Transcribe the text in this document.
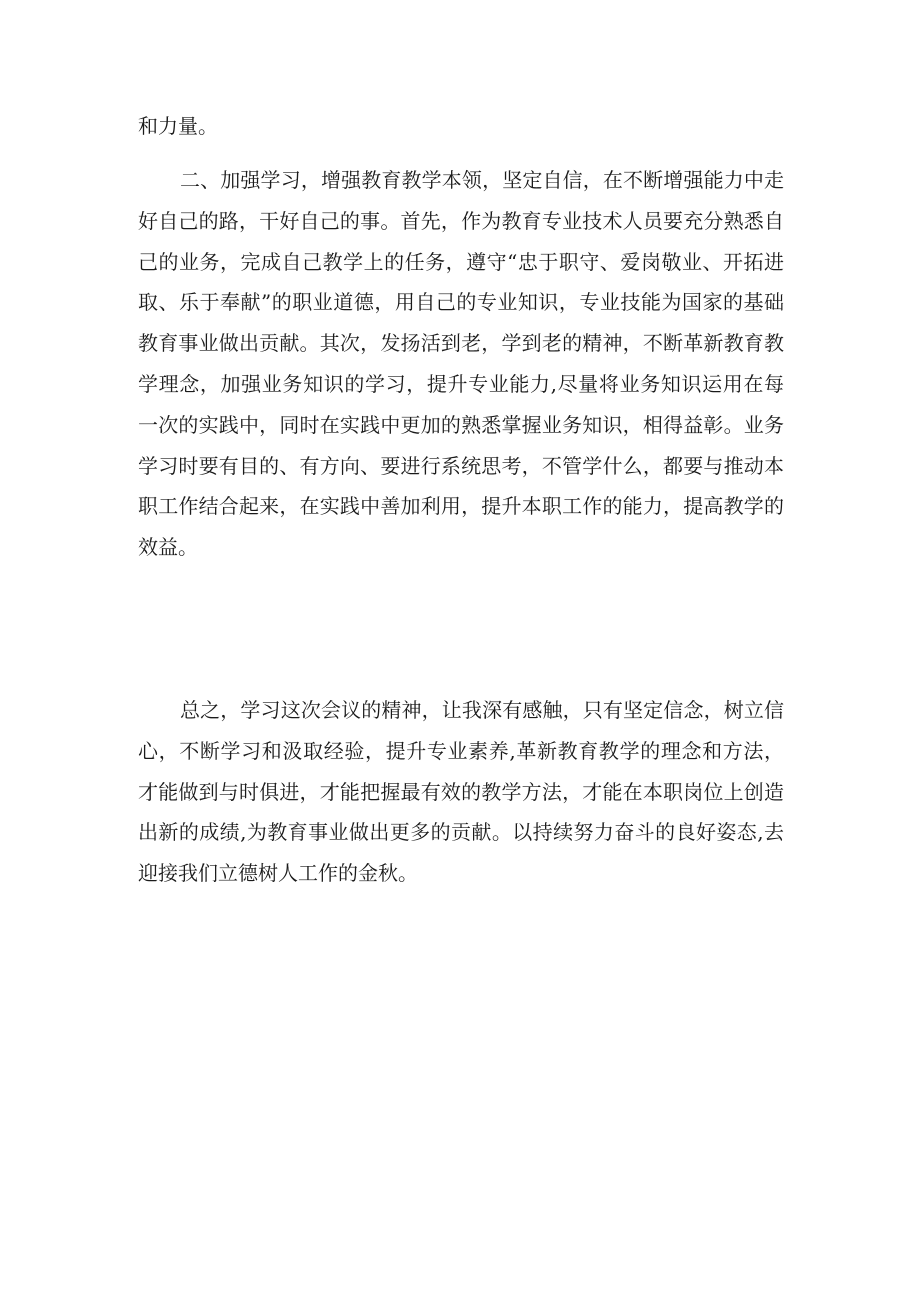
和力量。

二、加强学习，增强教育教学本领，坚定自信，在不断增强能力中走好自己的路，干好自己的事。首先，作为教育专业技术人员要充分熟悉自己的业务，完成自己教学上的任务，遵守“忠于职守、爱岗敬业、开拓进取、乐于奉献”的职业道德，用自己的专业知识，专业技能为国家的基础教育事业做出贡献。其次，发扬活到老，学到老的精神，不断革新教育教学理念，加强业务知识的学习，提升专业能力,尽量将业务知识运用在每一次的实践中，同时在实践中更加的熟悉掌握业务知识，相得益彰。业务学习时要有目的、有方向、要进行系统思考，不管学什么，都要与推动本职工作结合起来，在实践中善加利用，提升本职工作的能力，提高教学的效益。

总之，学习这次会议的精神，让我深有感触，只有坚定信念，树立信心，不断学习和汲取经验，提升专业素养,革新教育教学的理念和方法，才能做到与时俱进，才能把握最有效的教学方法，才能在本职岗位上创造出新的成绩,为教育事业做出更多的贡献。以持续努力奋斗的良好姿态,去迎接我们立德树人工作的金秋。
